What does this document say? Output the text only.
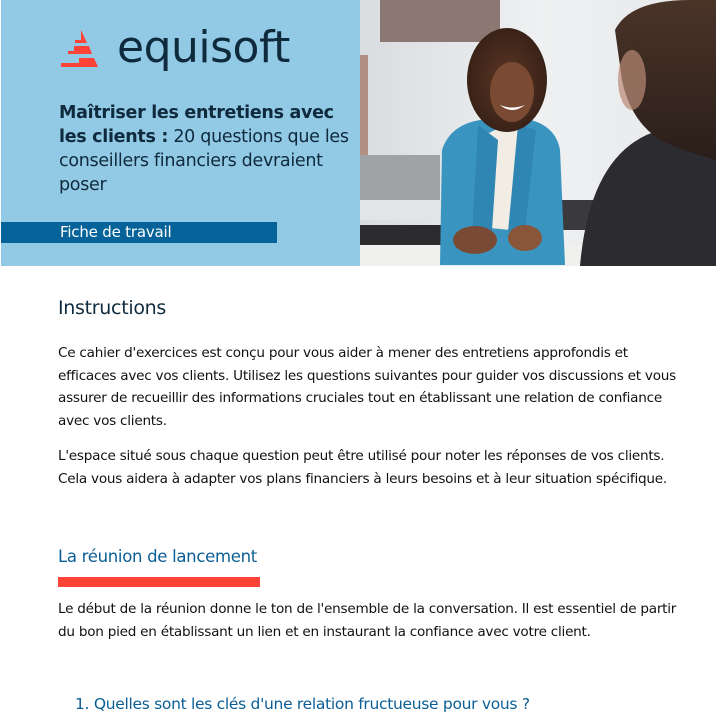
equisoft
Maîtriser les entretiens avec les clients : 20 questions que les conseillers financiers devraient poser
Fiche de travail
Instructions
Ce cahier d'exercices est conçu pour vous aider à mener des entretiens approfondis et efficaces avec vos clients. Utilisez les questions suivantes pour guider vos discussions et vous assurer de recueillir des informations cruciales tout en établissant une relation de confiance avec vos clients.
L'espace situé sous chaque question peut être utilisé pour noter les réponses de vos clients. Cela vous aidera à adapter vos plans financiers à leurs besoins et à leur situation spécifique.
La réunion de lancement
Le début de la réunion donne le ton de l'ensemble de la conversation. Il est essentiel de partir du bon pied en établissant un lien et en instaurant la confiance avec votre client.
1. Quelles sont les clés d'une relation fructueuse pour vous ?
